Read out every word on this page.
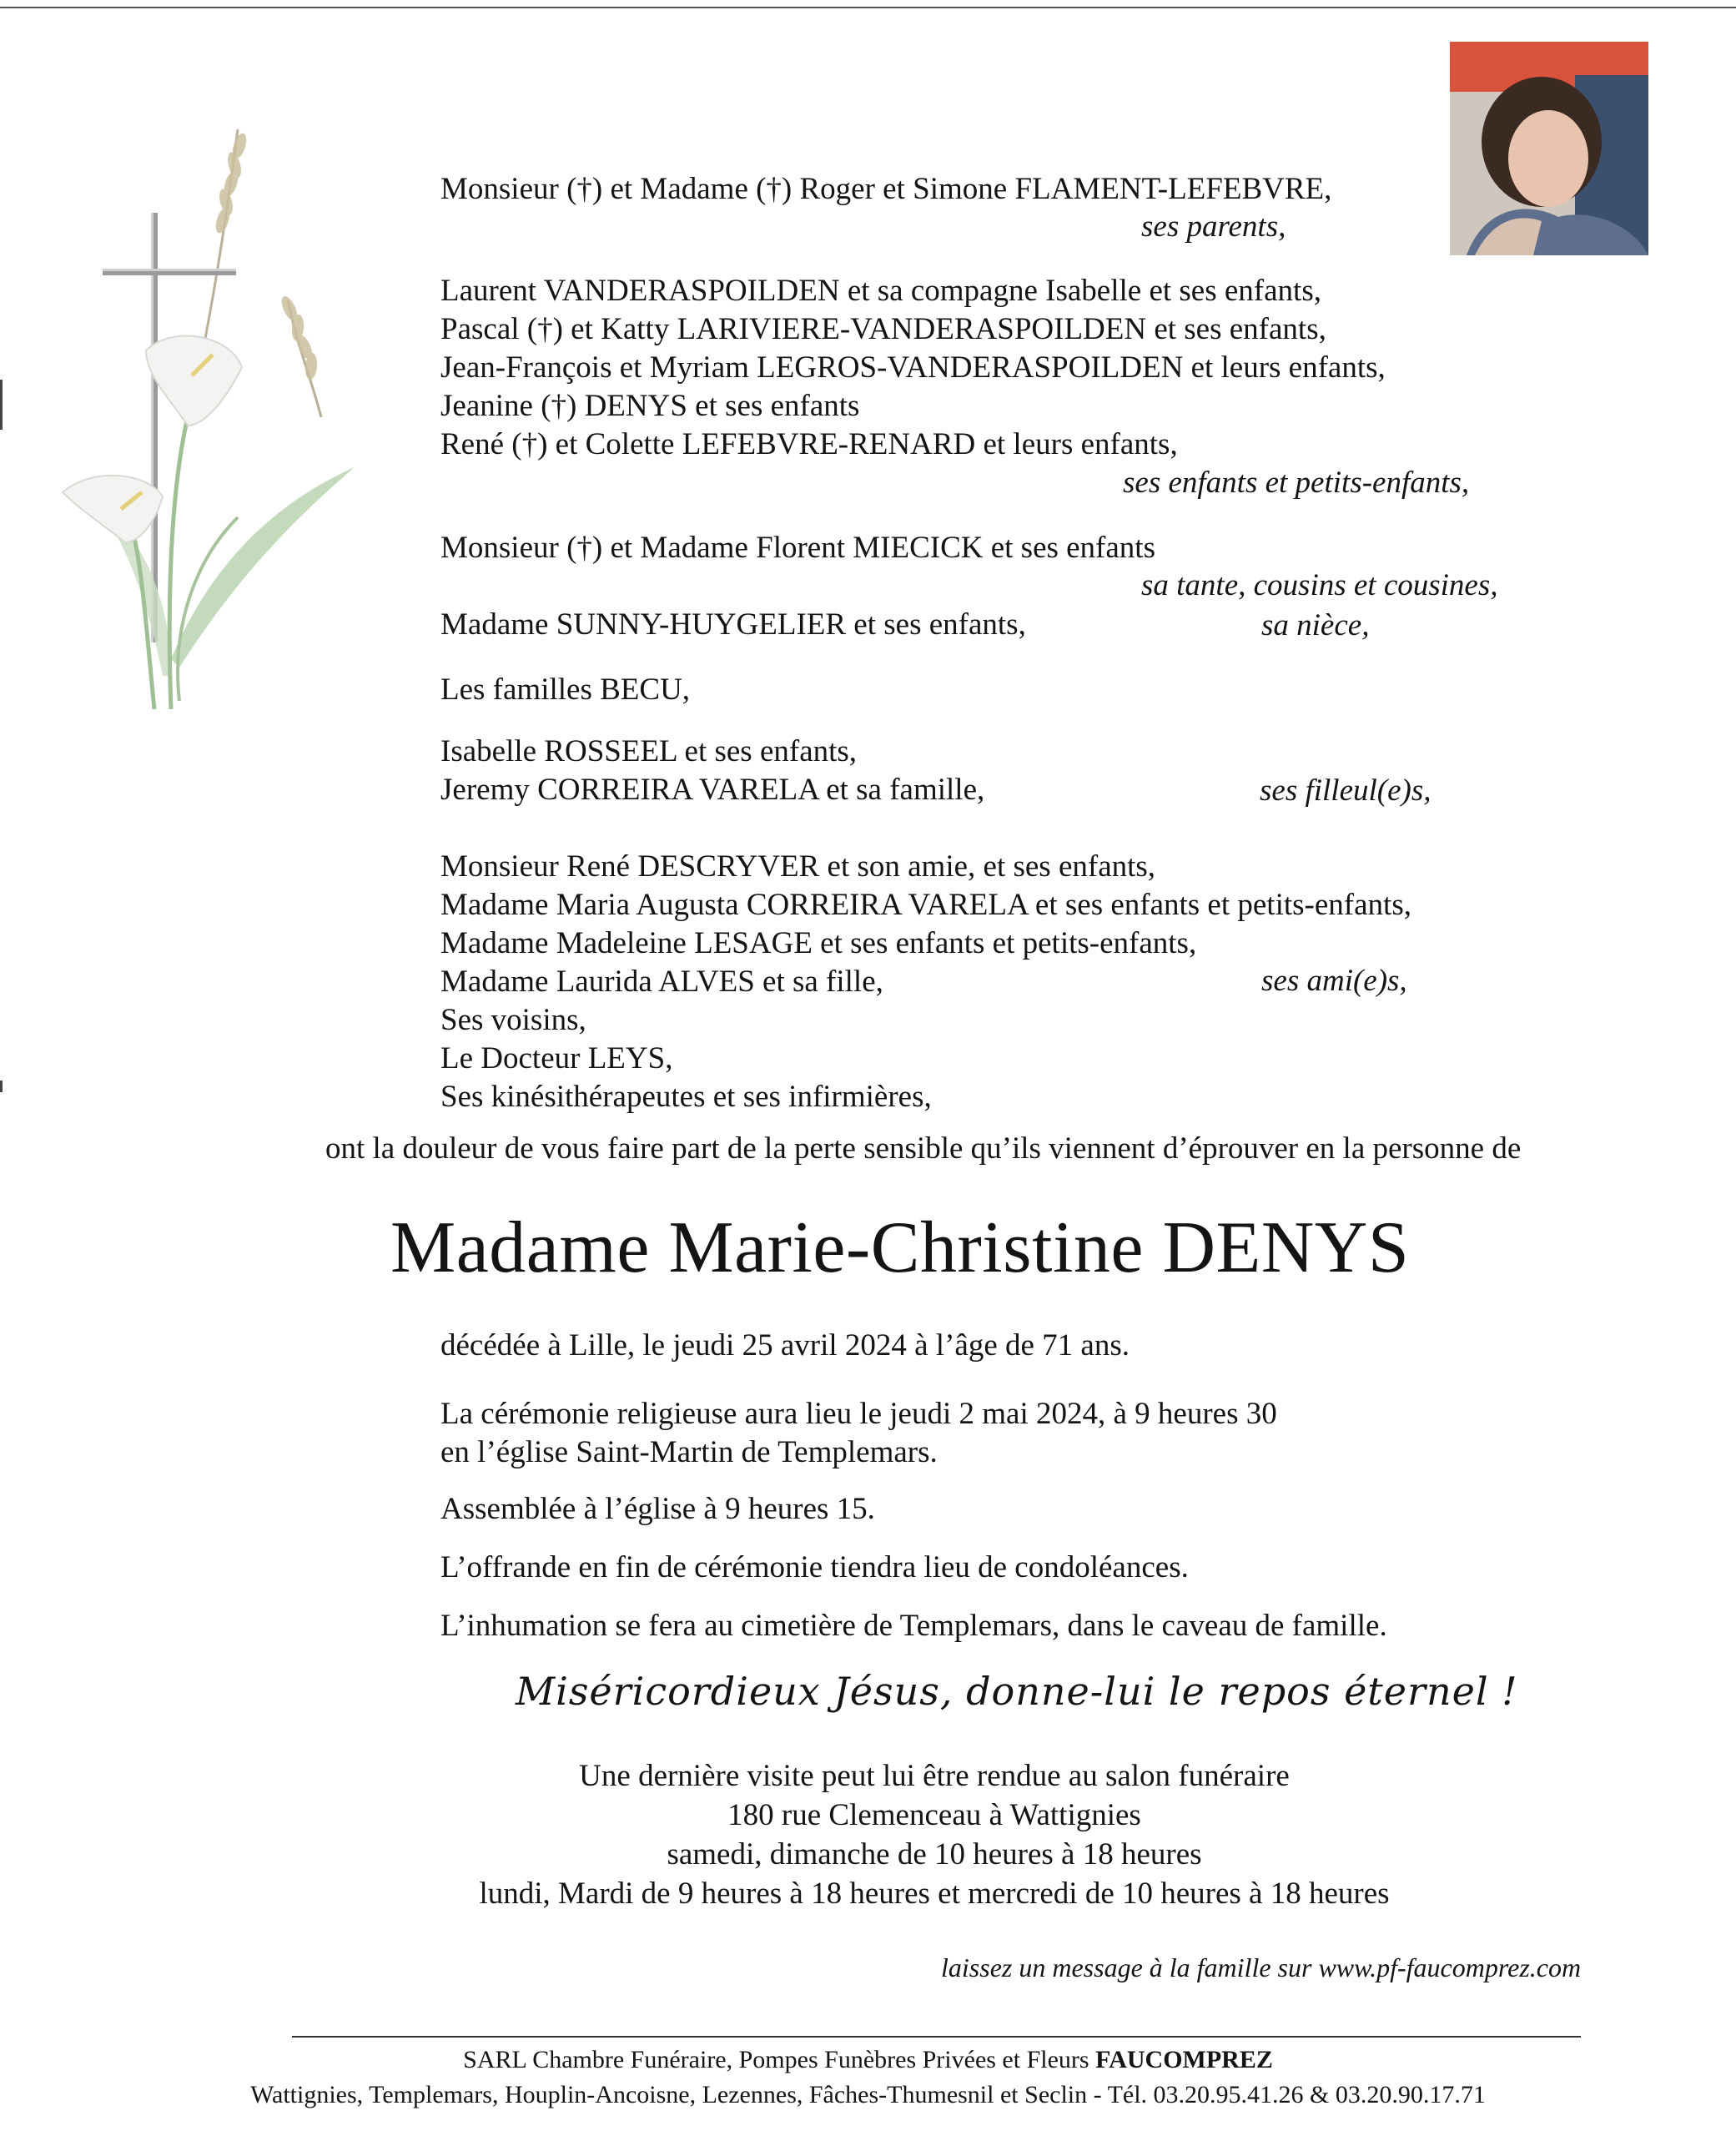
Monsieur (†) et Madame (†) Roger et Simone FLAMENT-LEFEBVRE,
ses parents,
Laurent VANDERASPOILDEN et sa compagne Isabelle et ses enfants,
Pascal (†) et Katty LARIVIERE-VANDERASPOILDEN et ses enfants,
Jean-François et Myriam LEGROS-VANDERASPOILDEN et leurs enfants,
Jeanine (†) DENYS et ses enfants
René (†) et Colette LEFEBVRE-RENARD et leurs enfants,
ses enfants et petits-enfants,
Monsieur (†) et Madame Florent MIECICK et ses enfants
sa tante, cousins et cousines,
Madame SUNNY-HUYGELIER et ses enfants,	sa nièce,
Les familles BECU,
Isabelle ROSSEEL et ses enfants,
Jeremy CORREIRA VARELA et sa famille,	ses filleul(e)s,
Monsieur René DESCRYVER et son amie, et ses enfants,
Madame Maria Augusta CORREIRA VARELA et ses enfants et petits-enfants,
Madame Madeleine LESAGE et ses enfants et petits-enfants,
Madame Laurida ALVES et sa fille,	ses ami(e)s,
Ses voisins,
Le Docteur LEYS,
Ses kinésithérapeutes et ses infirmières,
ont la douleur de vous faire part de la perte sensible qu’ils viennent d’éprouver en la personne de
Madame Marie-Christine DENYS
décédée à Lille, le jeudi 25 avril 2024 à l’âge de 71 ans.
La cérémonie religieuse aura lieu le jeudi 2 mai 2024, à 9 heures 30
en l’église Saint-Martin de Templemars.
Assemblée à l’église à 9 heures 15.
L’offrande en fin de cérémonie tiendra lieu de condoléances.
L’inhumation se fera au cimetière de Templemars, dans le caveau de famille.
Miséricordieux Jésus, donne-lui le repos éternel !
Une dernière visite peut lui être rendue au salon funéraire
180 rue Clemenceau à Wattignies
samedi, dimanche de 10 heures à 18 heures
lundi, Mardi de 9 heures à 18 heures et mercredi de 10 heures à 18 heures
laissez un message à la famille sur www.pf-faucomprez.com
SARL Chambre Funéraire, Pompes Funèbres Privées et Fleurs FAUCOMPREZ
Wattignies, Templemars, Houplin-Ancoisne, Lezennes, Fâches-Thumesnil et Seclin - Tél. 03.20.95.41.26 & 03.20.90.17.71
